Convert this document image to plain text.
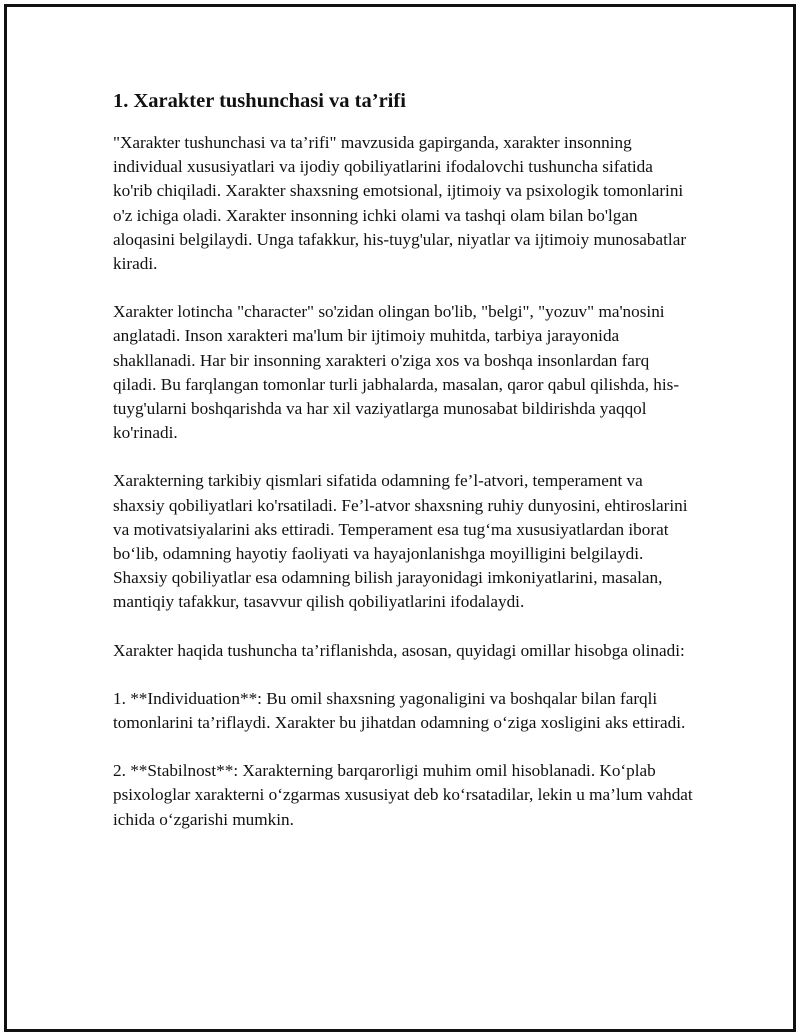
1. Xarakter tushunchasi va ta’rifi

"Xarakter tushunchasi va ta’rifi" mavzusida gapirganda, xarakter insonning individual xususiyatlari va ijodiy qobiliyatlarini ifodalovchi tushuncha sifatida ko'rib chiqiladi. Xarakter shaxsning emotsional, ijtimoiy va psixologik tomonlarini o'z ichiga oladi. Xarakter insonning ichki olami va tashqi olam bilan bo'lgan aloqasini belgilaydi. Unga tafakkur, his-tuyg'ular, niyatlar va ijtimoiy munosabatlar kiradi.

Xarakter lotincha "character" so'zidan olingan bo'lib, "belgi", "yozuv" ma'nosini anglatadi. Inson xarakteri ma'lum bir ijtimoiy muhitda, tarbiya jarayonida shakllanadi. Har bir insonning xarakteri o'ziga xos va boshqa insonlardan farq qiladi. Bu farqlangan tomonlar turli jabhalarda, masalan, qaror qabul qilishda, his-tuyg'ularni boshqarishda va har xil vaziyatlarga munosabat bildirishda yaqqol ko'rinadi.

Xarakterning tarkibiy qismlari sifatida odamning fe’l-atvori, temperament va shaxsiy qobiliyatlari ko'rsatiladi. Fe’l-atvor shaxsning ruhiy dunyosini, ehtiroslarini va motivatsiyalarini aks ettiradi. Temperament esa tug‘ma xususiyatlardan iborat bo‘lib, odamning hayotiy faoliyati va hayajonlanishga moyilligini belgilaydi. Shaxsiy qobiliyatlar esa odamning bilish jarayonidagi imkoniyatlarini, masalan, mantiqiy tafakkur, tasavvur qilish qobiliyatlarini ifodalaydi.

Xarakter haqida tushuncha ta’riflanishda, asosan, quyidagi omillar hisobga olinadi:

1. **Individuation**: Bu omil shaxsning yagonaligini va boshqalar bilan farqli tomonlarini ta’riflaydi. Xarakter bu jihatdan odamning o‘ziga xosligini aks ettiradi.

2. **Stabilnost**: Xarakterning barqarorligi muhim omil hisoblanadi. Ko‘plab psixologlar xarakterni o‘zgarmas xususiyat deb ko‘rsatadilar, lekin u ma’lum vahdat ichida o‘zgarishi mumkin.
